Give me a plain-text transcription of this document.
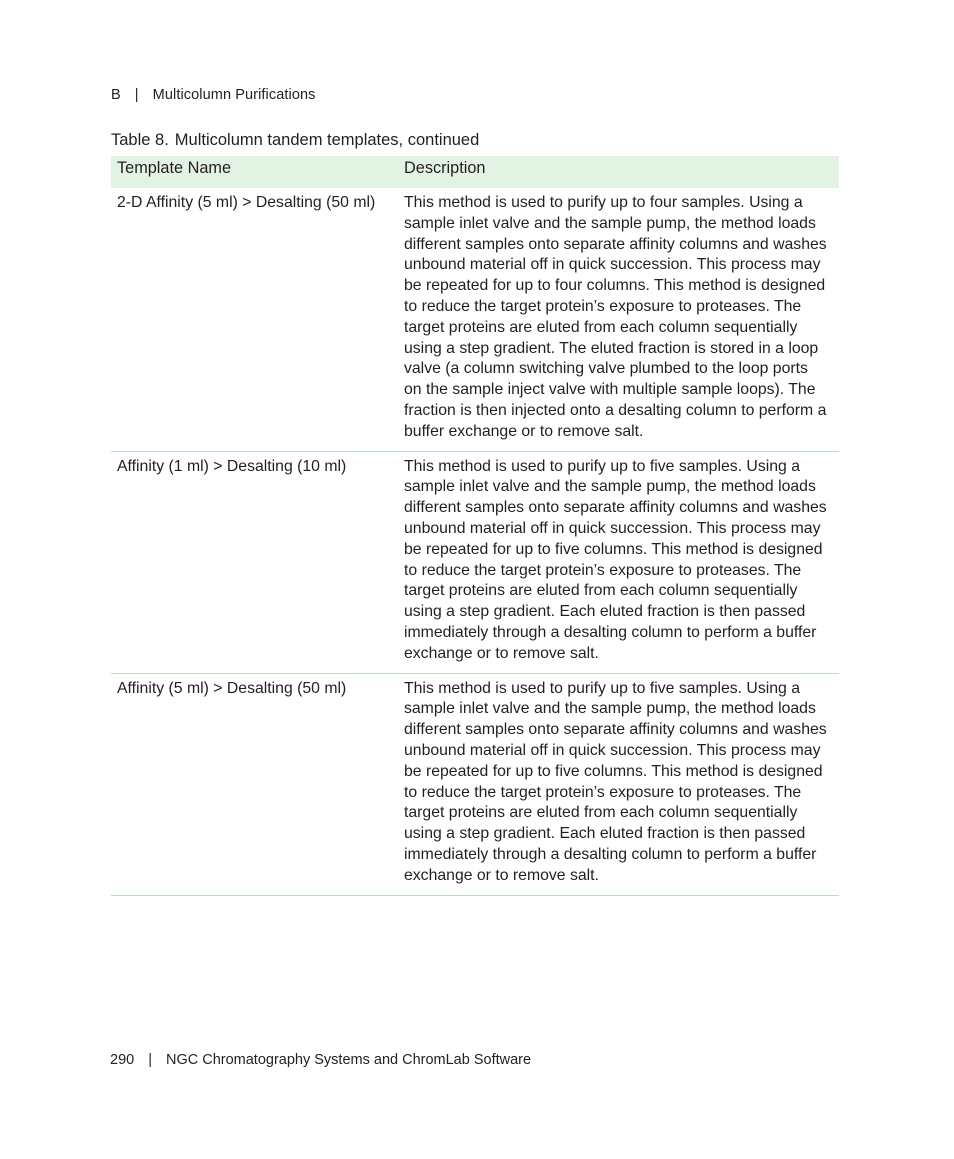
B | Multicolumn Purifications
Table 8. Multicolumn tandem templates, continued
Template Name	Description
2-D Affinity (5 ml) > Desalting (50 ml)	This method is used to purify up to four samples. Using a sample inlet valve and the sample pump, the method loads different samples onto separate affinity columns and washes unbound material off in quick succession. This process may be repeated for up to four columns. This method is designed to reduce the target protein’s exposure to proteases. The target proteins are eluted from each column sequentially using a step gradient. The eluted fraction is stored in a loop valve (a column switching valve plumbed to the loop ports on the sample inject valve with multiple sample loops). The fraction is then injected onto a desalting column to perform a buffer exchange or to remove salt.
Affinity (1 ml) > Desalting (10 ml)	This method is used to purify up to five samples. Using a sample inlet valve and the sample pump, the method loads different samples onto separate affinity columns and washes unbound material off in quick succession. This process may be repeated for up to five columns. This method is designed to reduce the target protein’s exposure to proteases. The target proteins are eluted from each column sequentially using a step gradient. Each eluted fraction is then passed immediately through a desalting column to perform a buffer exchange or to remove salt.
Affinity (5 ml) > Desalting (50 ml)	This method is used to purify up to five samples. Using a sample inlet valve and the sample pump, the method loads different samples onto separate affinity columns and washes unbound material off in quick succession. This process may be repeated for up to five columns. This method is designed to reduce the target protein’s exposure to proteases. The target proteins are eluted from each column sequentially using a step gradient. Each eluted fraction is then passed immediately through a desalting column to perform a buffer exchange or to remove salt.
290 | NGC Chromatography Systems and ChromLab Software
